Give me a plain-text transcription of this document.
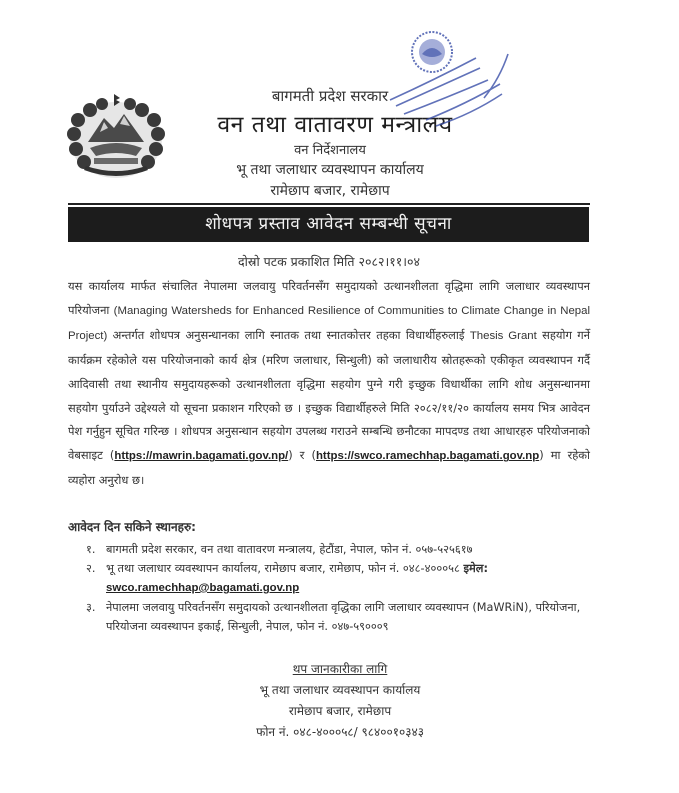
बागमती प्रदेश सरकार
वन तथा वातावरण मन्त्रालय
वन निर्देशनालय
भू तथा जलाधार व्यवस्थापन कार्यालय
रामेछाप बजार, रामेछाप
शोधपत्र प्रस्ताव आवेदन सम्बन्धी सूचना
दोस्रो पटक प्रकाशित मिति २०८२।११।०४
यस कार्यालय मार्फत संचालित नेपालमा जलवायु परिवर्तनसँग समुदायको उत्थानशीलता वृद्धिमा लागि जलाधार व्यवस्थापन परियोजना (Managing Watersheds for Enhanced Resilience of Communities to Climate Change in Nepal Project) अन्तर्गत शोधपत्र अनुसन्धानका लागि स्नातक तथा स्नातकोत्तर तहका विधार्थीहरुलाई Thesis Grant सहयोग गर्ने कार्यक्रम रहेकोले यस परियोजनाको कार्य क्षेत्र (मरिण जलाधार, सिन्धुली) को जलाधारीय स्रोतहरूको एकीकृत व्यवस्थापन गर्दै आदिवासी तथा स्थानीय समुदायहरूको उत्थानशीलता वृद्धिमा सहयोग पुग्ने गरी इच्छुक विधार्थीका लागि शोध अनुसन्धानमा सहयोग पुर्याउने उद्देश्यले यो सूचना प्रकाशन गरिएको छ । इच्छुक विद्यार्थीहरुले मिति २०८२/११/२० कार्यालय समय भित्र आवेदन पेश गर्नुहुन सूचित गरिन्छ । शोधपत्र अनुसन्धान सहयोग उपलब्ध गराउने सम्बन्धि छनौटका मापदण्ड तथा आधारहरु परियोजनाको वेबसाइट (https://mawrin.bagamati.gov.np/) र (https://swco.ramechhap.bagamati.gov.np) मा रहेको व्यहोरा अनुरोध छ।
आवेदन दिन सकिने स्थानहरु:
१. बागमती प्रदेश सरकार, वन तथा वातावरण मन्त्रालय, हेटौंडा, नेपाल, फोन नं. ०५७-५२५६१७
२. भू तथा जलाधार व्यवस्थापन कार्यालय, रामेछाप बजार, रामेछाप, फोन नं. ०४८-४०००५८ इमेल:
swco.ramechhap@bagamati.gov.np
३. नेपालमा जलवायु परिवर्तनसँग समुदायको उत्थानशीलता वृद्धिका लागि जलाधार व्यवस्थापन (MaWRiN), परियोजना, परियोजना व्यवस्थापन इकाई, सिन्धुली, नेपाल, फोन नं. ०४७-५९०००९
थप जानकारीका लागि
भू तथा जलाधार व्यवस्थापन कार्यालय
रामेछाप बजार, रामेछाप
फोन नं. ०४८-४०००५८/ ९८४००१०३४३
